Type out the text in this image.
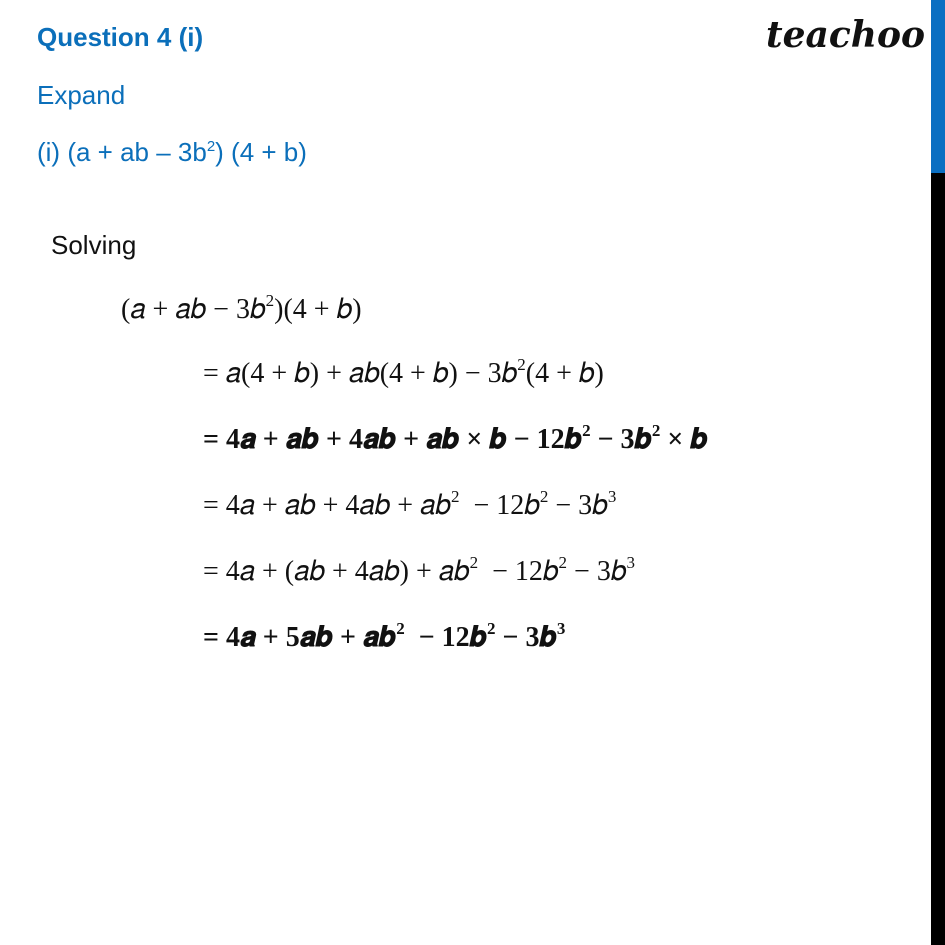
teachoo
Question 4 (i)
Expand
(i) (a + ab – $3b^2$) (4 + b)
Solving
(𝑎 + 𝑎𝑏 − 3𝑏$^2$)(4 + 𝑏)
= 𝑎(4 + 𝑏) + 𝑎𝑏(4 + 𝑏) − 3𝑏$^2$(4 + 𝑏)
= 4𝒂 + 𝒂𝒃 + 4𝒂𝒃 + 𝒂𝒃 × 𝒃 − 12𝒃$^2$ − 3𝒃$^2$ × 𝒃
= 4𝑎 + 𝑎𝑏 + 4𝑎𝑏 + 𝑎𝑏$^2$  − 12𝑏$^2$ − 3𝑏$^3$
= 4𝑎 + (𝑎𝑏 + 4𝑎𝑏) + 𝑎𝑏$^2$  − 12𝑏$^2$ − 3𝑏$^3$
= 4𝒂 + 5𝒂𝒃 + 𝒂𝒃$^2$  − 12𝒃$^2$ − 3𝒃$^3$
